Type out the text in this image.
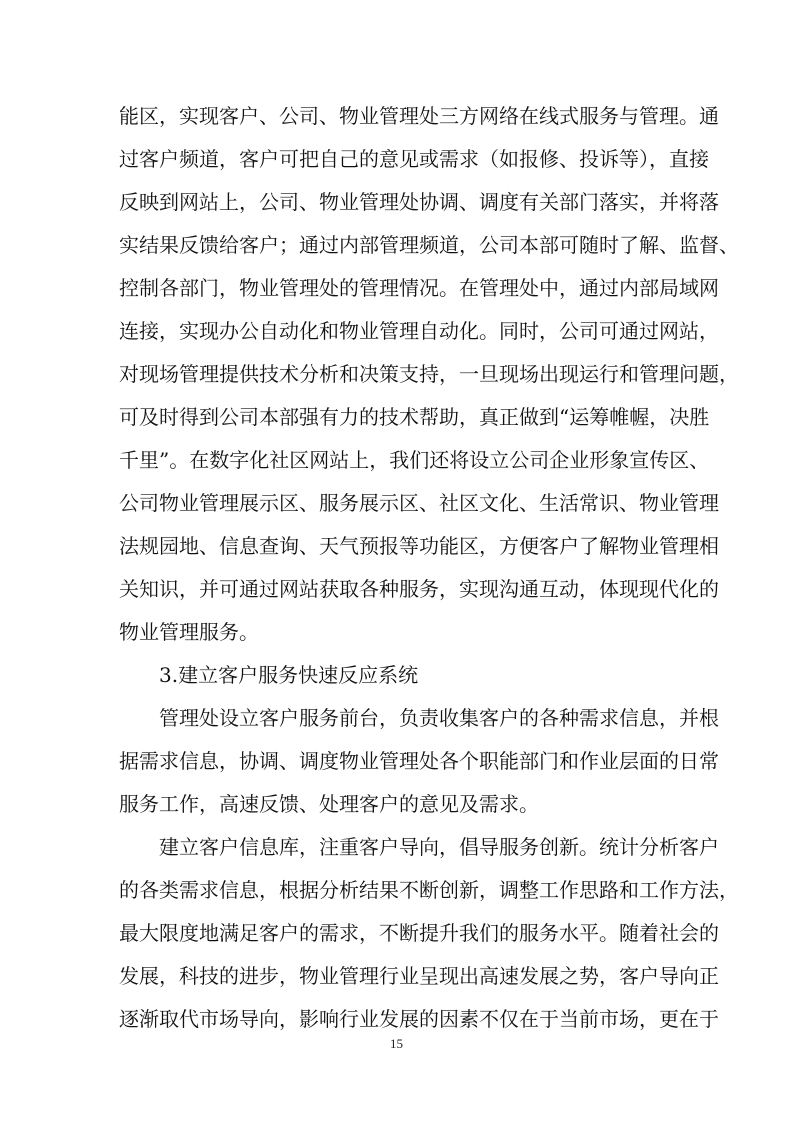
能区，实现客户、公司、物业管理处三方网络在线式服务与管理。通
过客户频道，客户可把自己的意见或需求（如报修、投诉等），直接
反映到网站上，公司、物业管理处协调、调度有关部门落实，并将落
实结果反馈给客户；通过内部管理频道，公司本部可随时了解、监督、
控制各部门，物业管理处的管理情况。在管理处中，通过内部局域网
连接，实现办公自动化和物业管理自动化。同时，公司可通过网站，
对现场管理提供技术分析和决策支持，一旦现场出现运行和管理问题，
可及时得到公司本部强有力的技术帮助，真正做到“运筹帷幄，决胜
千里”。在数字化社区网站上，我们还将设立公司企业形象宣传区、
公司物业管理展示区、服务展示区、社区文化、生活常识、物业管理
法规园地、信息查询、天气预报等功能区，方便客户了解物业管理相
关知识，并可通过网站获取各种服务，实现沟通互动，体现现代化的
物业管理服务。
3.建立客户服务快速反应系统
管理处设立客户服务前台，负责收集客户的各种需求信息，并根
据需求信息，协调、调度物业管理处各个职能部门和作业层面的日常
服务工作，高速反馈、处理客户的意见及需求。
建立客户信息库，注重客户导向，倡导服务创新。统计分析客户
的各类需求信息，根据分析结果不断创新，调整工作思路和工作方法，
最大限度地满足客户的需求，不断提升我们的服务水平。随着社会的
发展，科技的进步，物业管理行业呈现出高速发展之势，客户导向正
逐渐取代市场导向，影响行业发展的因素不仅在于当前市场，更在于
15
